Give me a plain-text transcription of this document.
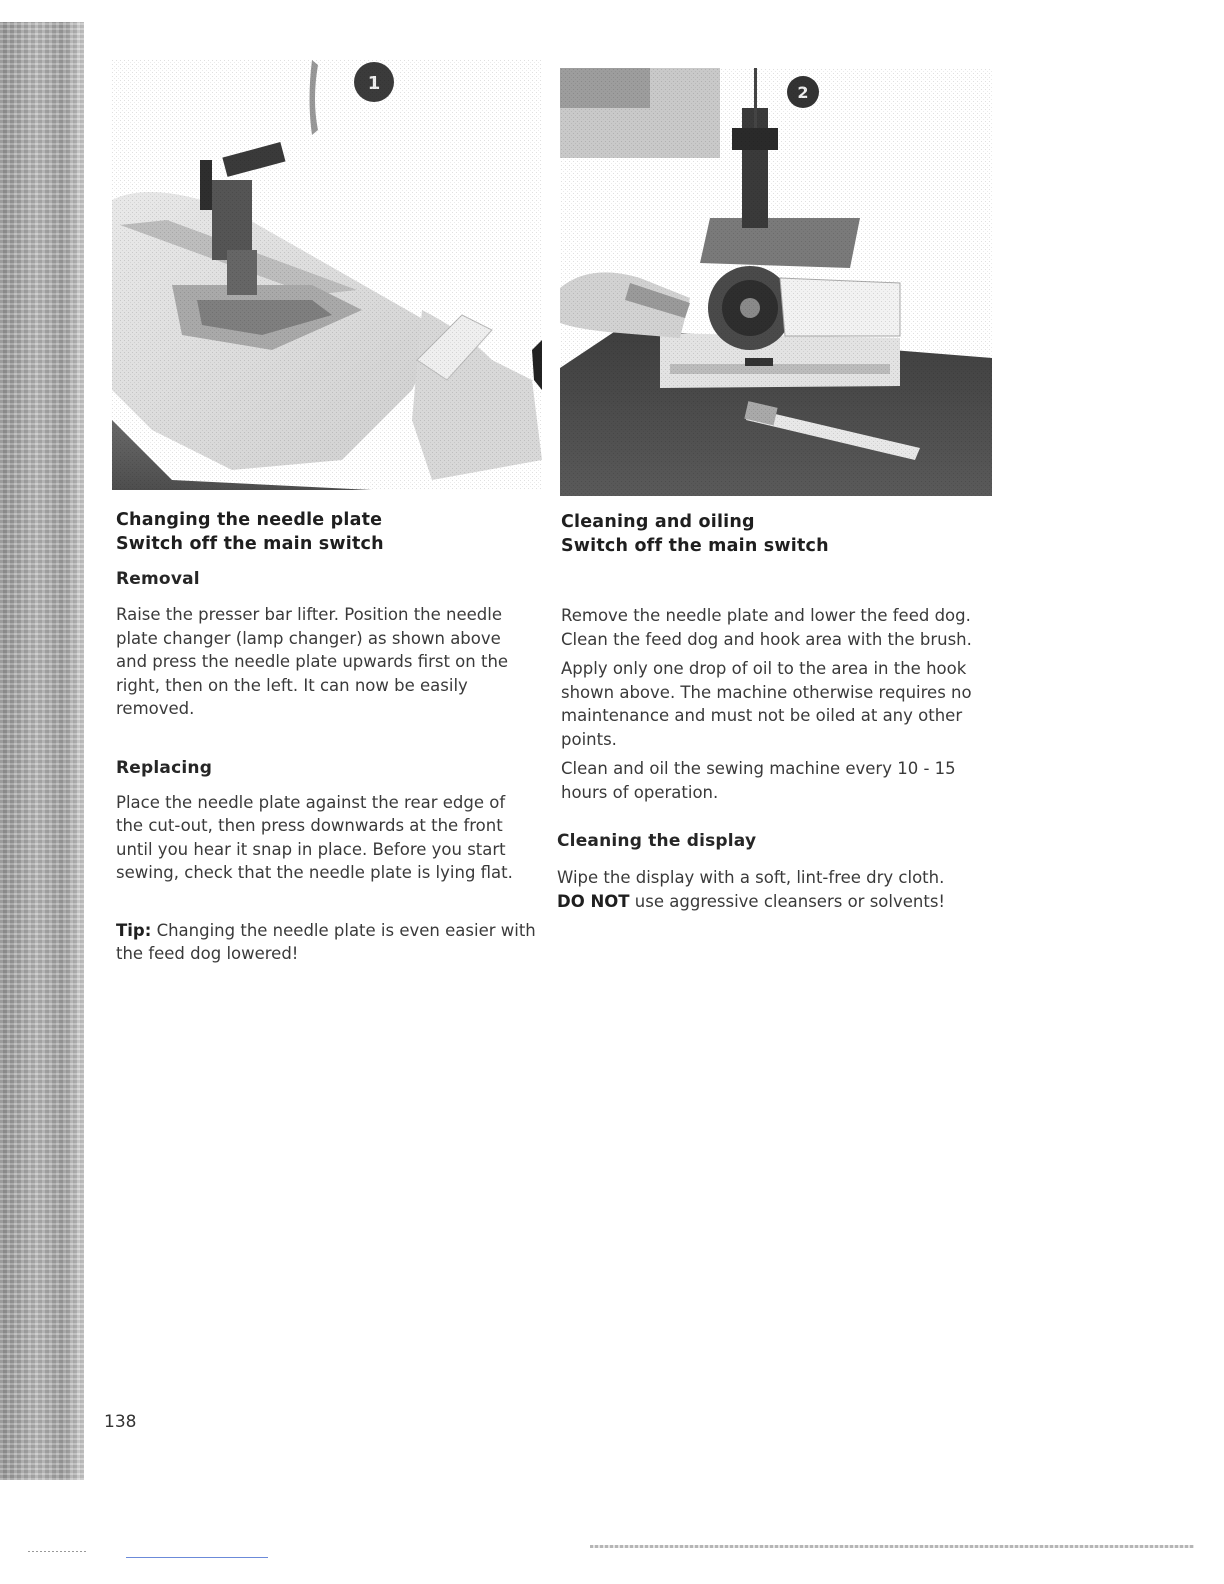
Changing the needle plate

Switch off the main switch

Removal

Raise the presser bar lifter. Position the needle plate changer (lamp changer) as shown above and press the needle plate upwards first on the right, then on the left. It can now be easily removed.

Replacing

Place the needle plate against the rear edge of the cut-out, then press downwards at the front until you hear it snap in place. Before you start sewing, check that the needle plate is lying flat.

Tip: Changing the needle plate is even easier with the feed dog lowered!

Cleaning and oiling

Switch off the main switch

Remove the needle plate and lower the feed dog. Clean the feed dog and hook area with the brush.

Apply only one drop of oil to the area in the hook shown above. The machine otherwise requires no maintenance and must not be oiled at any other points.

Clean and oil the sewing machine every 10 - 15 hours of operation.

Cleaning the display

Wipe the display with a soft, lint-free dry cloth.

DO NOT use aggressive cleansers or solvents!

138
